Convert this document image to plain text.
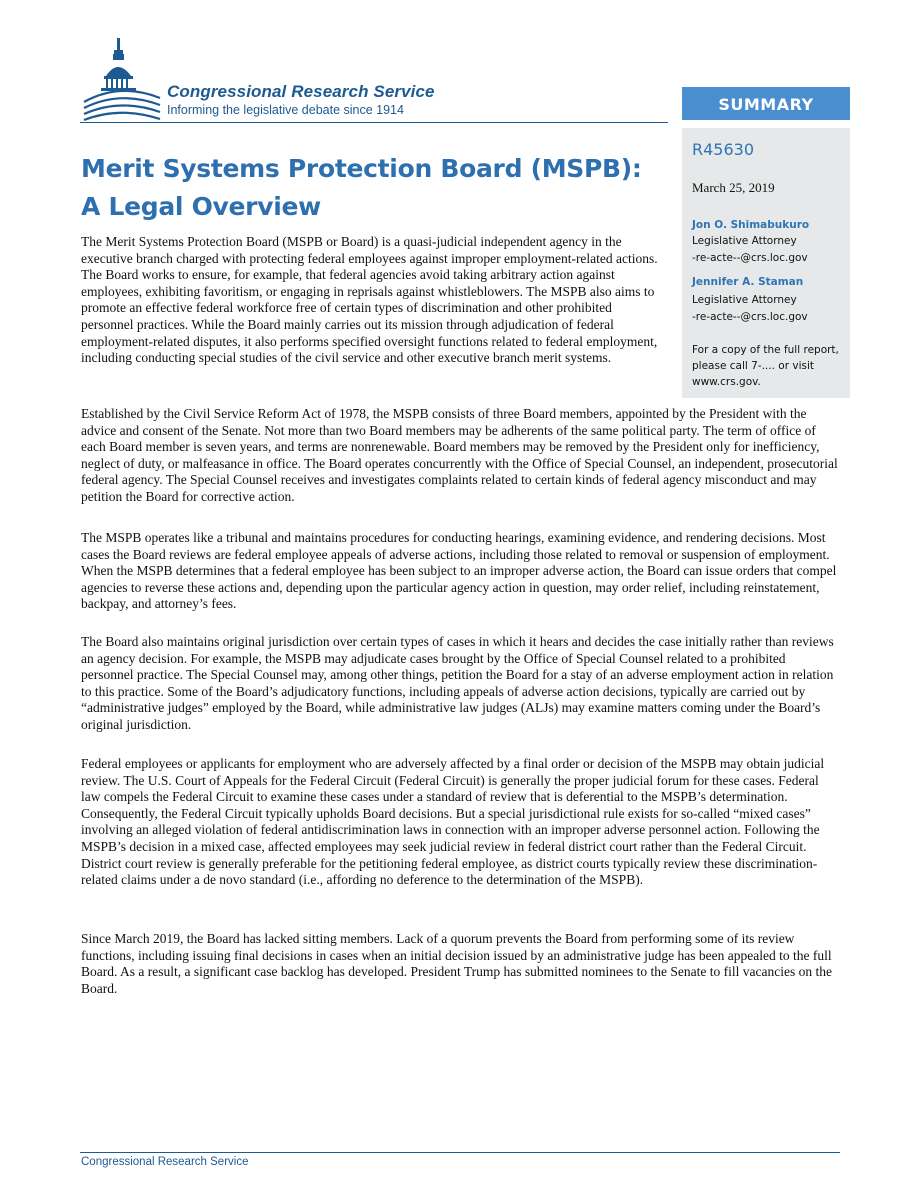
Congressional Research Service
Informing the legislative debate since 1914	SUMMARY
R45630
March 25, 2019
Jon O. Shimabukuro
Legislative Attorney
-re-acte--@crs.loc.gov
Jennifer A. Staman
Legislative Attorney
-re-acte--@crs.loc.gov
For a copy of the full report,
please call 7-.... or visit
www.crs.gov.
Merit Systems Protection Board (MSPB):
A Legal Overview

The Merit Systems Protection Board (MSPB or Board) is a quasi-judicial independent agency in the executive branch charged with protecting federal employees against improper employment-related actions. The Board works to ensure, for example, that federal agencies avoid taking arbitrary action against employees, exhibiting favoritism, or engaging in reprisals against whistleblowers. The MSPB also aims to promote an effective federal workforce free of certain types of discrimination and other prohibited personnel practices. While the Board mainly carries out its mission through adjudication of federal employment-related disputes, it also performs specified oversight functions related to federal employment, including conducting special studies of the civil service and other executive branch merit systems.

Established by the Civil Service Reform Act of 1978, the MSPB consists of three Board members, appointed by the President with the advice and consent of the Senate. Not more than two Board members may be adherents of the same political party. The term of office of each Board member is seven years, and terms are nonrenewable. Board members may be removed by the President only for inefficiency, neglect of duty, or malfeasance in office. The Board operates concurrently with the Office of Special Counsel, an independent, prosecutorial federal agency. The Special Counsel receives and investigates complaints related to certain kinds of federal agency misconduct and may petition the Board for corrective action.

The MSPB operates like a tribunal and maintains procedures for conducting hearings, examining evidence, and rendering decisions. Most cases the Board reviews are federal employee appeals of adverse actions, including those related to removal or suspension of employment. When the MSPB determines that a federal employee has been subject to an improper adverse action, the Board can issue orders that compel agencies to reverse these actions and, depending upon the particular agency action in question, may order relief, including reinstatement, backpay, and attorney’s fees.

The Board also maintains original jurisdiction over certain types of cases in which it hears and decides the case initially rather than reviews an agency decision. For example, the MSPB may adjudicate cases brought by the Office of Special Counsel related to a prohibited personnel practice. The Special Counsel may, among other things, petition the Board for a stay of an adverse employment action in relation to this practice. Some of the Board’s adjudicatory functions, including appeals of adverse action decisions, typically are carried out by “administrative judges” employed by the Board, while administrative law judges (ALJs) may examine matters coming under the Board’s original jurisdiction.

Federal employees or applicants for employment who are adversely affected by a final order or decision of the MSPB may obtain judicial review. The U.S. Court of Appeals for the Federal Circuit (Federal Circuit) is generally the proper judicial forum for these cases. Federal law compels the Federal Circuit to examine these cases under a standard of review that is deferential to the MSPB’s determination. Consequently, the Federal Circuit typically upholds Board decisions. But a special jurisdictional rule exists for so-called “mixed cases” involving an alleged violation of federal antidiscrimination laws in connection with an improper adverse personnel action. Following the MSPB’s decision in a mixed case, affected employees may seek judicial review in federal district court rather than the Federal Circuit. District court review is generally preferable for the petitioning federal employee, as district courts typically review these discrimination-related claims under a de novo standard (i.e., affording no deference to the determination of the MSPB).

Since March 2019, the Board has lacked sitting members. Lack of a quorum prevents the Board from performing some of its review functions, including issuing final decisions in cases when an initial decision issued by an administrative judge has been appealed to the full Board. As a result, a significant case backlog has developed. President Trump has submitted nominees to the Senate to fill vacancies on the Board.

Congressional Research Service
